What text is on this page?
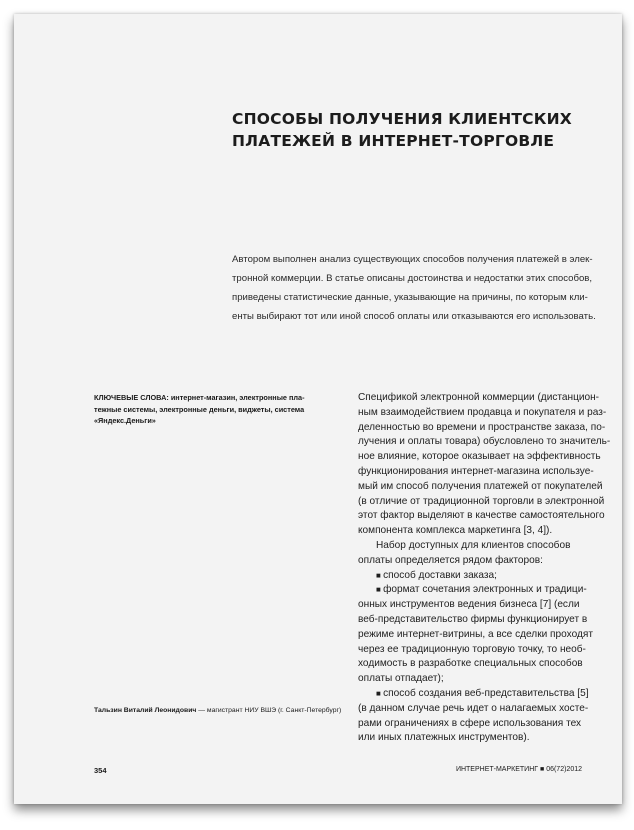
СПОСОБЫ ПОЛУЧЕНИЯ КЛИЕНТСКИХ
ПЛАТЕЖЕЙ В ИНТЕРНЕТ-ТОРГОВЛЕ
Автором выполнен анализ существующих способов получения платежей в элек-
тронной коммерции. В статье описаны достоинства и недостатки этих способов,
приведены статистические данные, указывающие на причины, по которым кли-
енты выбирают тот или иной способ оплаты или отказываются его использовать.
КЛЮЧЕВЫЕ СЛОВА: интернет-магазин, электронные пла-
тежные системы, электронные деньги, виджеты, система
«Яндекс.Деньги»
Тальзин Виталий Леонидович — магистрант НИУ ВШЭ (г. Санкт-Петербург)
Спецификой электронной коммерции (дистанцион-
ным взаимодействием продавца и покупателя и раз-
деленностью во времени и пространстве заказа, по-
лучения и оплаты товара) обусловлено то значитель-
ное влияние, которое оказывает на эффективность
функционирования интернет-магазина используе-
мый им способ получения платежей от покупателей
(в отличие от традиционной торговли в электронной
этот фактор выделяют в качестве самостоятельного
компонента комплекса маркетинга [3, 4]).
Набор доступных для клиентов способов
оплаты определяется рядом факторов:
■ способ доставки заказа;
■ формат сочетания электронных и традици-
онных инструментов ведения бизнеса [7] (если
веб-представительство фирмы функционирует в
режиме интернет-витрины, а все сделки проходят
через ее традиционную торговую точку, то необ-
ходимость в разработке специальных способов
оплаты отпадает);
■ способ создания веб-представительства [5]
(в данном случае речь идет о налагаемых хосте-
рами ограничениях в сфере использования тех
или иных платежных инструментов).
354	ИНТЕРНЕТ-МАРКЕТИНГ ■ 06(72)2012
